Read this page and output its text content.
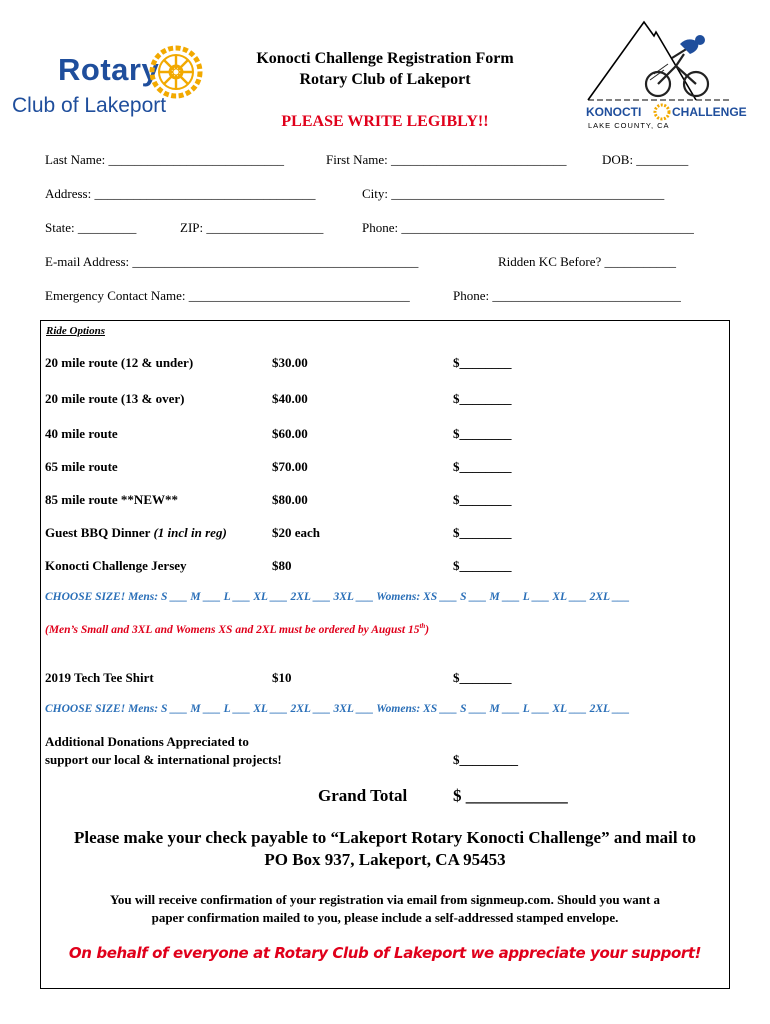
Rotary
Club of Lakeport
Konocti Challenge Registration Form
Rotary Club of Lakeport
PLEASE WRITE LEGIBLY!!
KONOCTI	CHALLENGE
LAKE COUNTY, CA
Last Name: ___________________________	First Name: ___________________________	DOB: ________
Address: __________________________________	City: __________________________________________
State: _________	ZIP: __________________	Phone: _____________________________________________
E-mail Address: ____________________________________________	Ridden KC Before? ___________
Emergency Contact Name: __________________________________	Phone: _____________________________
Ride Options
20 mile route (12 & under)	$30.00	$________
20 mile route (13 & over)	$40.00	$________
40 mile route	$60.00	$________
65 mile route	$70.00	$________
85 mile route **NEW**	$80.00	$________
Guest BBQ Dinner (1 incl in reg)	$20 each	$________
Konocti Challenge Jersey	$80	$________
CHOOSE SIZE! Mens: S ___ M ___ L ___ XL ___ 2XL ___ 3XL ___ Womens: XS ___ S ___ M ___ L ___ XL ___ 2XL ___
(Men’s Small and 3XL and Womens XS and 2XL must be ordered by August 15th)
2019 Tech Tee Shirt	$10	$________
CHOOSE SIZE! Mens: S ___ M ___ L ___ XL ___ 2XL ___ 3XL ___ Womens: XS ___ S ___ M ___ L ___ XL ___ 2XL ___
Additional Donations Appreciated to
support our local & international projects!	$_________
Grand Total	$ ____________
Please make your check payable to “Lakeport Rotary Konocti Challenge” and mail to
PO Box 937, Lakeport, CA 95453
You will receive confirmation of your registration via email from signmeup.com. Should you want a
paper confirmation mailed to you, please include a self-addressed stamped envelope.
On behalf of everyone at Rotary Club of Lakeport we appreciate your support!
